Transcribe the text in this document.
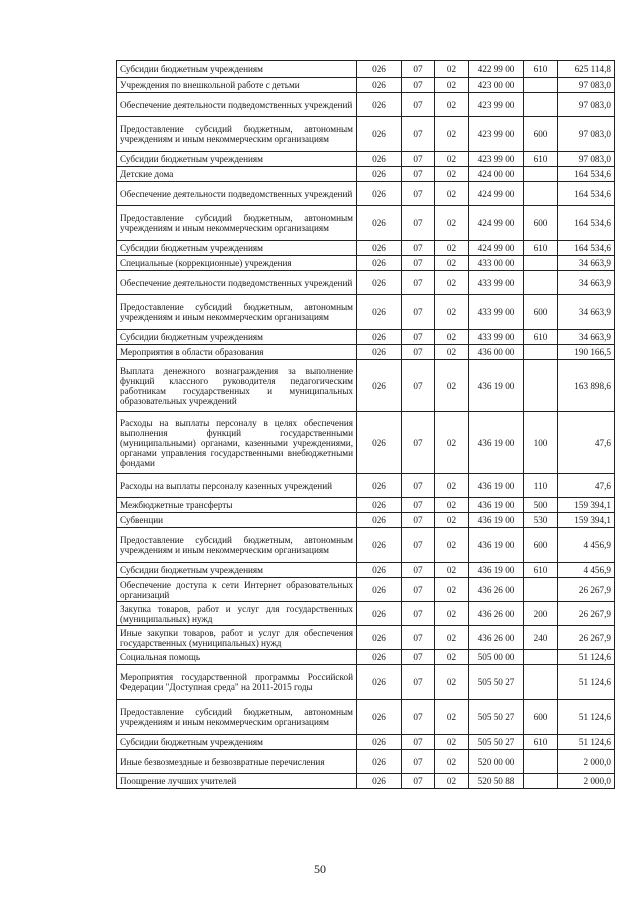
Субсидии бюджетным учреждениям	026	07	02	422 99 00	610	625 114,8
Учреждения по внешкольной работе с детьми	026	07	02	423 00 00		97 083,0
Обеспечение деятельности подведомственных учреждений	026	07	02	423 99 00		97 083,0
Предоставление субсидий бюджетным, автономным учреждениям и иным некоммерческим организациям	026	07	02	423 99 00	600	97 083,0
Субсидии бюджетным учреждениям	026	07	02	423 99 00	610	97 083,0
Детские дома	026	07	02	424 00 00		164 534,6
Обеспечение деятельности подведомственных учреждений	026	07	02	424 99 00		164 534,6
Предоставление субсидий бюджетным, автономным учреждениям и иным некоммерческим организациям	026	07	02	424 99 00	600	164 534,6
Субсидии бюджетным учреждениям	026	07	02	424 99 00	610	164 534,6
Специальные (коррекционные) учреждения	026	07	02	433 00 00		34 663,9
Обеспечение деятельности подведомственных учреждений	026	07	02	433 99 00		34 663,9
Предоставление субсидий бюджетным, автономным учреждениям и иным некоммерческим организациям	026	07	02	433 99 00	600	34 663,9
Субсидии бюджетным учреждениям	026	07	02	433 99 00	610	34 663,9
Мероприятия в области образования	026	07	02	436 00 00		190 166,5
Выплата денежного вознаграждения за выполнение функций классного руководителя педагогическим работникам государственных и муниципальных образовательных учреждений	026	07	02	436 19 00		163 898,6
Расходы на выплаты персоналу в целях обеспечения выполнения функций государственными (муниципальными) органами, казенными учреждениями, органами управления государственными внебюджетными фондами	026	07	02	436 19 00	100	47,6
Расходы на выплаты персоналу казенных учреждений	026	07	02	436 19 00	110	47,6
Межбюджетные трансферты	026	07	02	436 19 00	500	159 394,1
Субвенции	026	07	02	436 19 00	530	159 394,1
Предоставление субсидий бюджетным, автономным учреждениям и иным некоммерческим организациям	026	07	02	436 19 00	600	4 456,9
Субсидии бюджетным учреждениям	026	07	02	436 19 00	610	4 456,9
Обеспечение доступа к сети Интернет образовательных организаций	026	07	02	436 26 00		26 267,9
Закупка товаров, работ и услуг для государственных (муниципальных) нужд	026	07	02	436 26 00	200	26 267,9
Иные закупки товаров, работ и услуг для обеспечения государственных (муниципальных) нужд	026	07	02	436 26 00	240	26 267,9
Социальная помощь	026	07	02	505 00 00		51 124,6
Мероприятия государственной программы Российской Федерации "Доступная среда" на 2011-2015 годы	026	07	02	505 50 27		51 124,6
Предоставление субсидий бюджетным, автономным учреждениям и иным некоммерческим организациям	026	07	02	505 50 27	600	51 124,6
Субсидии бюджетным учреждениям	026	07	02	505 50 27	610	51 124,6
Иные безвозмездные и безвозвратные перечисления	026	07	02	520 00 00		2 000,0
Поощрение лучших учителей	026	07	02	520 50 88		2 000,0
50
